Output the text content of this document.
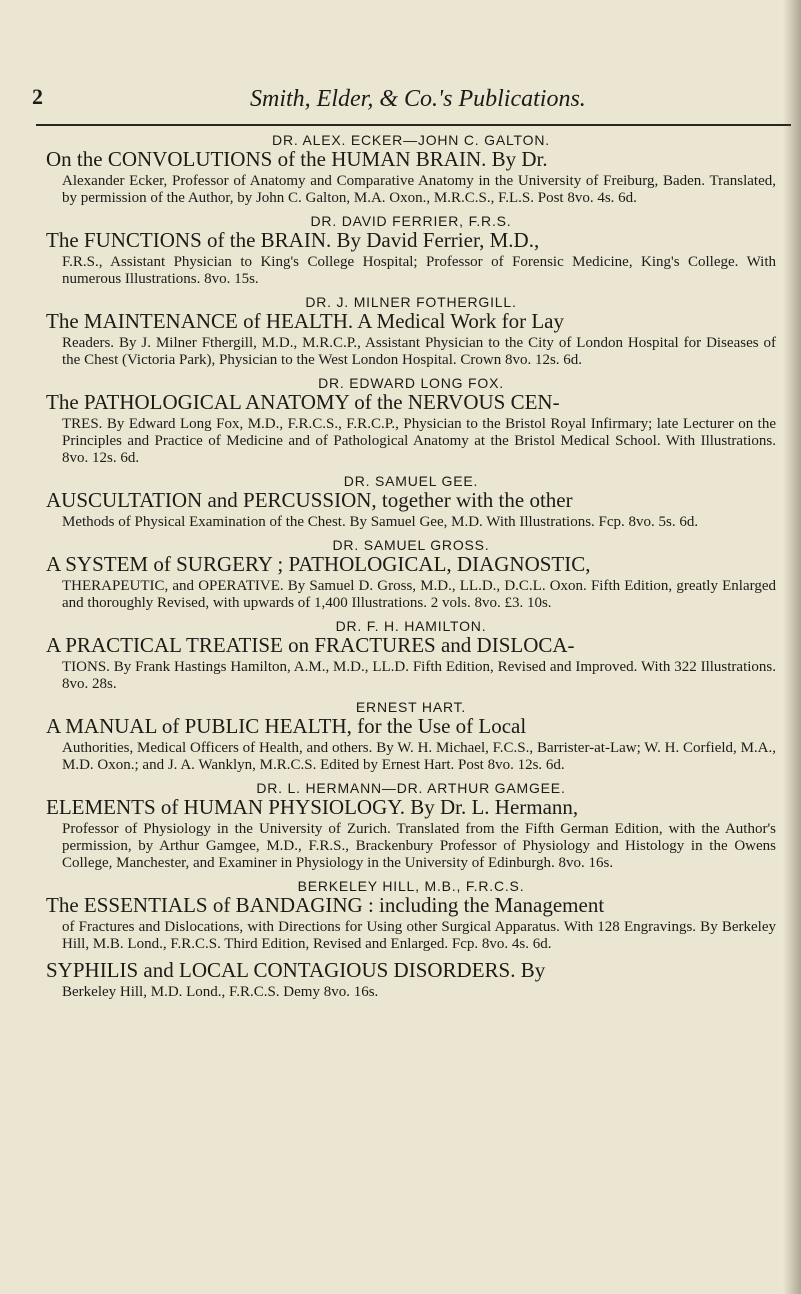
2	Smith, Elder, & Co.'s Publications.

DR. ALEX. ECKER—JOHN C. GALTON.

On the CONVOLUTIONS of the HUMAN BRAIN. By Dr.

Alexander Ecker, Professor of Anatomy and Comparative Anatomy in the University of Freiburg, Baden. Translated, by permission of the Author, by John C. Galton, M.A. Oxon., M.R.C.S., F.L.S. Post 8vo. 4s. 6d.

DR. DAVID FERRIER, F.R.S.

The FUNCTIONS of the BRAIN. By David Ferrier, M.D.,

F.R.S., Assistant Physician to King's College Hospital; Professor of Forensic Medicine, King's College. With numerous Illustrations. 8vo. 15s.

DR. J. MILNER FOTHERGILL.

The MAINTENANCE of HEALTH. A Medical Work for Lay

Readers. By J. Milner Fthergill, M.D., M.R.C.P., Assistant Physician to the City of London Hospital for Diseases of the Chest (Victoria Park), Physician to the West London Hospital. Crown 8vo. 12s. 6d.

DR. EDWARD LONG FOX.

The PATHOLOGICAL ANATOMY of the NERVOUS CEN-

TRES. By Edward Long Fox, M.D., F.R.C.S., F.R.C.P., Physician to the Bristol Royal Infirmary; late Lecturer on the Principles and Practice of Medicine and of Pathological Anatomy at the Bristol Medical School. With Illustrations. 8vo. 12s. 6d.

DR. SAMUEL GEE.

AUSCULTATION and PERCUSSION, together with the other

Methods of Physical Examination of the Chest. By Samuel Gee, M.D. With Illustrations. Fcp. 8vo. 5s. 6d.

DR. SAMUEL GROSS.

A SYSTEM of SURGERY ; PATHOLOGICAL, DIAGNOSTIC,

THERAPEUTIC, and OPERATIVE. By Samuel D. Gross, M.D., LL.D., D.C.L. Oxon. Fifth Edition, greatly Enlarged and thoroughly Revised, with upwards of 1,400 Illustrations. 2 vols. 8vo. £3. 10s.

DR. F. H. HAMILTON.

A PRACTICAL TREATISE on FRACTURES and DISLOCA-

TIONS. By Frank Hastings Hamilton, A.M., M.D., LL.D. Fifth Edition, Revised and Improved. With 322 Illustrations. 8vo. 28s.

ERNEST HART.

A MANUAL of PUBLIC HEALTH, for the Use of Local

Authorities, Medical Officers of Health, and others. By W. H. Michael, F.C.S., Barrister-at-Law; W. H. Corfield, M.A., M.D. Oxon.; and J. A. Wanklyn, M.R.C.S. Edited by Ernest Hart. Post 8vo. 12s. 6d.

DR. L. HERMANN—DR. ARTHUR GAMGEE.

ELEMENTS of HUMAN PHYSIOLOGY. By Dr. L. Hermann,

Professor of Physiology in the University of Zurich. Translated from the Fifth German Edition, with the Author's permission, by Arthur Gamgee, M.D., F.R.S., Brackenbury Professor of Physiology and Histology in the Owens College, Manchester, and Examiner in Physiology in the University of Edinburgh. 8vo. 16s.

BERKELEY HILL, M.B., F.R.C.S.

The ESSENTIALS of BANDAGING : including the Management

of Fractures and Dislocations, with Directions for Using other Surgical Apparatus. With 128 Engravings. By Berkeley Hill, M.B. Lond., F.R.C.S. Third Edition, Revised and Enlarged. Fcp. 8vo. 4s. 6d.

SYPHILIS and LOCAL CONTAGIOUS DISORDERS. By

Berkeley Hill, M.D. Lond., F.R.C.S. Demy 8vo. 16s.
